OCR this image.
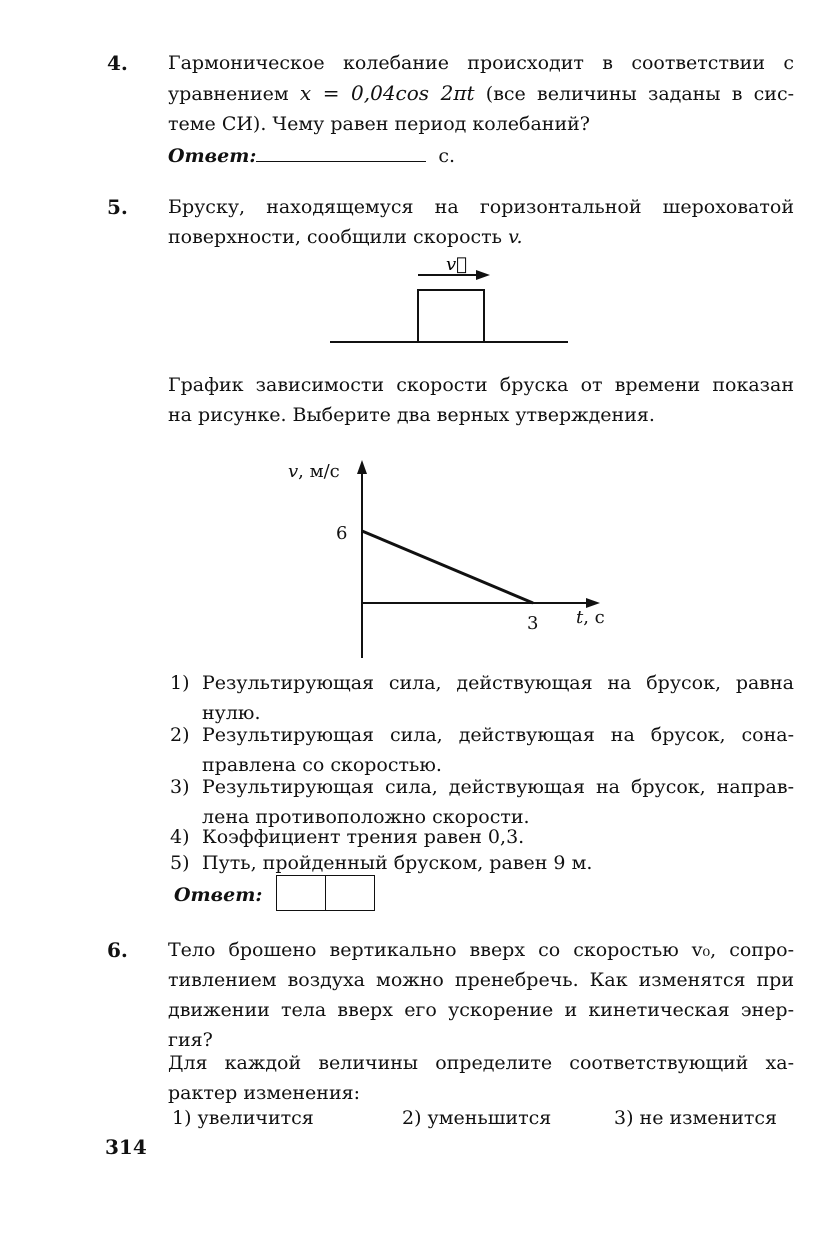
4. Гармоническое колебание происходит в соответствии с
уравнением x = 0,04cos 2πt (все величины заданы в сис-
теме СИ). Чему равен период колебаний?
Ответ:	с.
5. Бруску, находящемуся на горизонтальной шероховатой
поверхности, сообщили скорость v.
v⃗
График зависимости скорости бруска от времени показан
на рисунке. Выберите два верных утверждения.
v, м/с
t, с
6
3
1) Результирующая сила, действующая на брусок, равна
нулю.
2) Результирующая сила, действующая на брусок, сона-
правлена со скоростью.
3) Результирующая сила, действующая на брусок, направ-
лена противоположно скорости.
4) Коэффициент трения равен 0,3.
5) Путь, пройденный бруском, равен 9 м.
Ответ:
6. Тело брошено вертикально вверх со скоростью v₀, сопро-
тивлением воздуха можно пренебречь. Как изменятся при
движении тела вверх его ускорение и кинетическая энер-
гия?
Для каждой величины определите соответствующий ха-
рактер изменения:
1) увеличится	2) уменьшится	3) не изменится
314
